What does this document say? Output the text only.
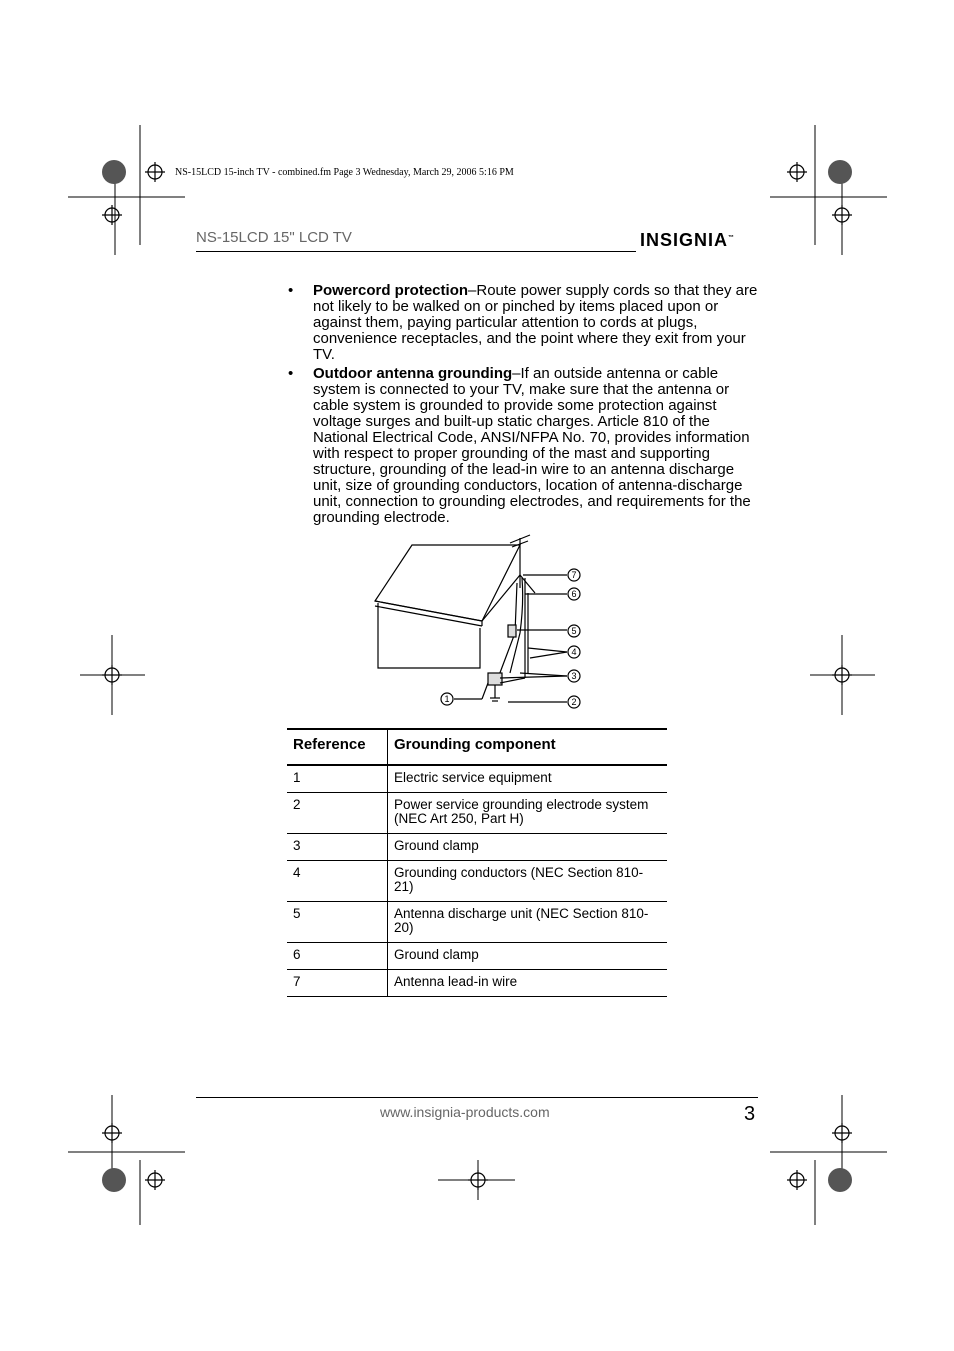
NS-15LCD 15-inch TV - combined.fm Page 3 Wednesday, March 29, 2006 5:16 PM
NS-15LCD 15" LCD TV	INSIGNIA™
• Powercord protection–Route power supply cords so that they are not likely to be walked on or pinched by items placed upon or against them, paying particular attention to cords at plugs, convenience receptacles, and the point where they exit from your TV.
• Outdoor antenna grounding–If an outside antenna or cable system is connected to your TV, make sure that the antenna or cable system is grounded to provide some protection against voltage surges and built-up static charges. Article 810 of the National Electrical Code, ANSI/NFPA No. 70, provides information with respect to proper grounding of the mast and supporting structure, grounding of the lead-in wire to an antenna discharge unit, size of grounding conductors, location of antenna-discharge unit, connection to grounding electrodes, and requirements for the grounding electrode.
1	2
3
4
5
6
7
Reference	Grounding component
1	Electric service equipment
2	Power service grounding electrode system
(NEC Art 250, Part H)
3	Ground clamp
4	Grounding conductors (NEC Section 810-21)
5	Antenna discharge unit (NEC Section 810-20)
6	Ground clamp
7	Antenna lead-in wire
www.insignia-products.com	3
